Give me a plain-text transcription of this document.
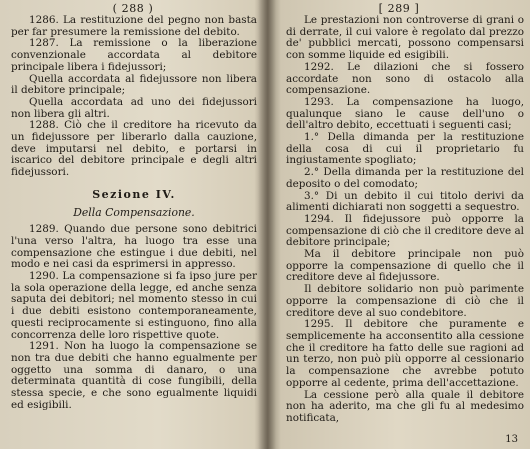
( 288 )

1286. La restituzione del pegno non basta per far presumere la remissione del debito.

1287. La remissione o la liberazione convenzionale accordata al debitore principale libera i fidejussori;

Quella accordata al fidejussore non libera il debitore principale;

Quella accordata ad uno dei fidejussori non libera gli altri.

1288. Ciò che il creditore ha ricevuto da un fidejussore per liberarlo dalla cauzione, deve imputarsi nel debito, e portarsi in iscarico del debitore principale e degli altri fidejussori.

Sezione IV.
Della Compensazione.

1289. Quando due persone sono debitrici l'una verso l'altra, ha luogo tra esse una compensazione che estingue i due debiti, nel modo e nei casi da esprimersi in appresso.

1290. La compensazione si fa ipso jure per la sola operazione della legge, ed anche senza saputa dei debitori; nel momento stesso in cui i due debiti esistono contemporaneamente, questi reciprocamente si estinguono, fino alla concorrenza delle loro rispettive quote.

1291. Non ha luogo la compensazione se non tra due debiti che hanno egualmente per oggetto una somma di danaro, o una determinata quantità di cose fungibili, della stessa specie, e che sono egualmente liquidi ed esigibili.

[ 289 ]

Le prestazioni non controverse di grani o di derrate, il cui valore è regolato dal prezzo de' pubblici mercati, possono compensarsi con somme liquide ed esigibili.

1292. Le dilazioni che si fossero accordate non sono di ostacolo alla compensazione.

1293. La compensazione ha luogo, qualunque siano le cause dell'uno o dell'altro debito, eccettuati i seguenti casi;

1.° Della dimanda per la restituzione della cosa di cui il proprietario fu ingiustamente spogliato;

2.° Della dimanda per la restituzione del deposito o del comodato;

3.° Di un debito il cui titolo derivi da alimenti dichiarati non soggetti a sequestro.

1294. Il fidejussore può opporre la compensazione di ciò che il creditore deve al debitore principale;

Ma il debitore principale non può opporre la compensazione di quello che il creditore deve al fidejussore.

Il debitore solidario non può parimente opporre la compensazione di ciò che il creditore deve al suo condebitore.

1295. Il debitore che puramente e semplicemente ha acconsentito alla cessione che il creditore ha fatto delle sue ragioni ad un terzo, non può più opporre al cessionario la compensazione che avrebbe potuto opporre al cedente, prima dell'accettazione.

La cessione però alla quale il debitore non ha aderito, ma che gli fu al medesimo notificata,

13
